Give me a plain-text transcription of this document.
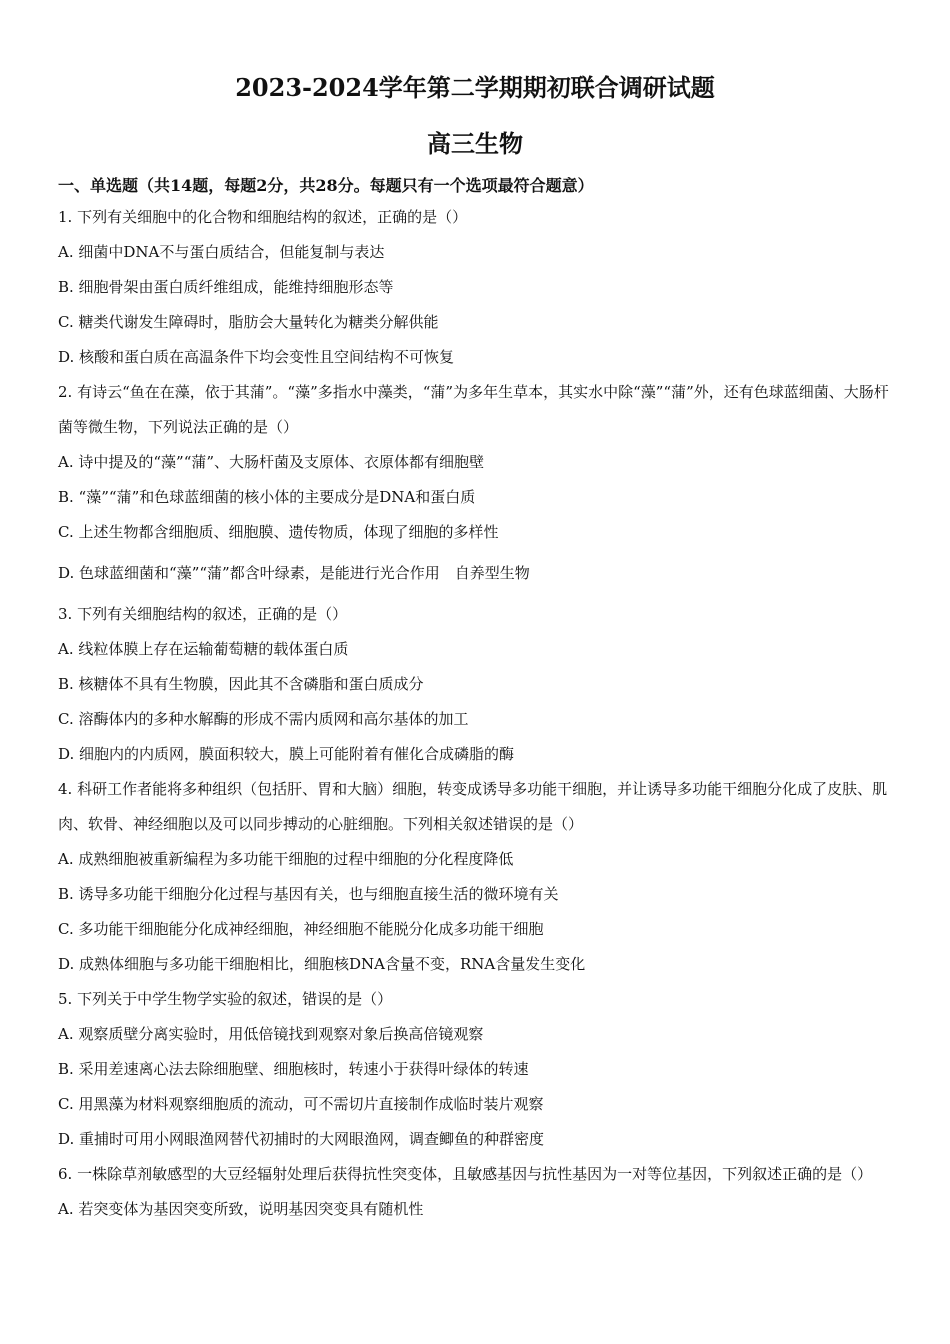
2023-2024学年第二学期期初联合调研试题
高三生物

一、单选题（共14题，每题2分，共28分。每题只有一个选项最符合题意）

1. 下列有关细胞中的化合物和细胞结构的叙述，正确的是（）

A. 细菌中DNA不与蛋白质结合，但能复制与表达

B. 细胞骨架由蛋白质纤维组成，能维持细胞形态等

C. 糖类代谢发生障碍时，脂肪会大量转化为糖类分解供能

D. 核酸和蛋白质在高温条件下均会变性且空间结构不可恢复

2. 有诗云“鱼在在藻，依于其蒲”。“藻”多指水中藻类，“蒲”为多年生草本，其实水中除“藻”“蒲”外，还有色球蓝细菌、大肠杆菌等微生物，下列说法正确的是（）

A. 诗中提及的“藻”“蒲”、大肠杆菌及支原体、衣原体都有细胞壁

B. “藻”“蒲”和色球蓝细菌的核小体的主要成分是DNA和蛋白质

C. 上述生物都含细胞质、细胞膜、遗传物质，体现了细胞的多样性

D. 色球蓝细菌和“藻”“蒲”都含叶绿素，是能进行光合作用　自养型生物

3. 下列有关细胞结构的叙述，正确的是（）

A. 线粒体膜上存在运输葡萄糖的载体蛋白质

B. 核糖体不具有生物膜，因此其不含磷脂和蛋白质成分

C. 溶酶体内的多种水解酶的形成不需内质网和高尔基体的加工

D. 细胞内的内质网，膜面积较大，膜上可能附着有催化合成磷脂的酶

4. 科研工作者能将多种组织（包括肝、胃和大脑）细胞，转变成诱导多功能干细胞，并让诱导多功能干细胞分化成了皮肤、肌肉、软骨、神经细胞以及可以同步搏动的心脏细胞。下列相关叙述错误的是（）

A. 成熟细胞被重新编程为多功能干细胞的过程中细胞的分化程度降低

B. 诱导多功能干细胞分化过程与基因有关，也与细胞直接生活的微环境有关

C. 多功能干细胞能分化成神经细胞，神经细胞不能脱分化成多功能干细胞

D. 成熟体细胞与多功能干细胞相比，细胞核DNA含量不变，RNA含量发生变化

5. 下列关于中学生物学实验的叙述，错误的是（）

A. 观察质壁分离实验时，用低倍镜找到观察对象后换高倍镜观察

B. 采用差速离心法去除细胞壁、细胞核时，转速小于获得叶绿体的转速

C. 用黑藻为材料观察细胞质的流动，可不需切片直接制作成临时装片观察

D. 重捕时可用小网眼渔网替代初捕时的大网眼渔网，调查鲫鱼的种群密度

6. 一株除草剂敏感型的大豆经辐射处理后获得抗性突变体，且敏感基因与抗性基因为一对等位基因，下列叙述正确的是（）

A. 若突变体为基因突变所致，说明基因突变具有随机性
